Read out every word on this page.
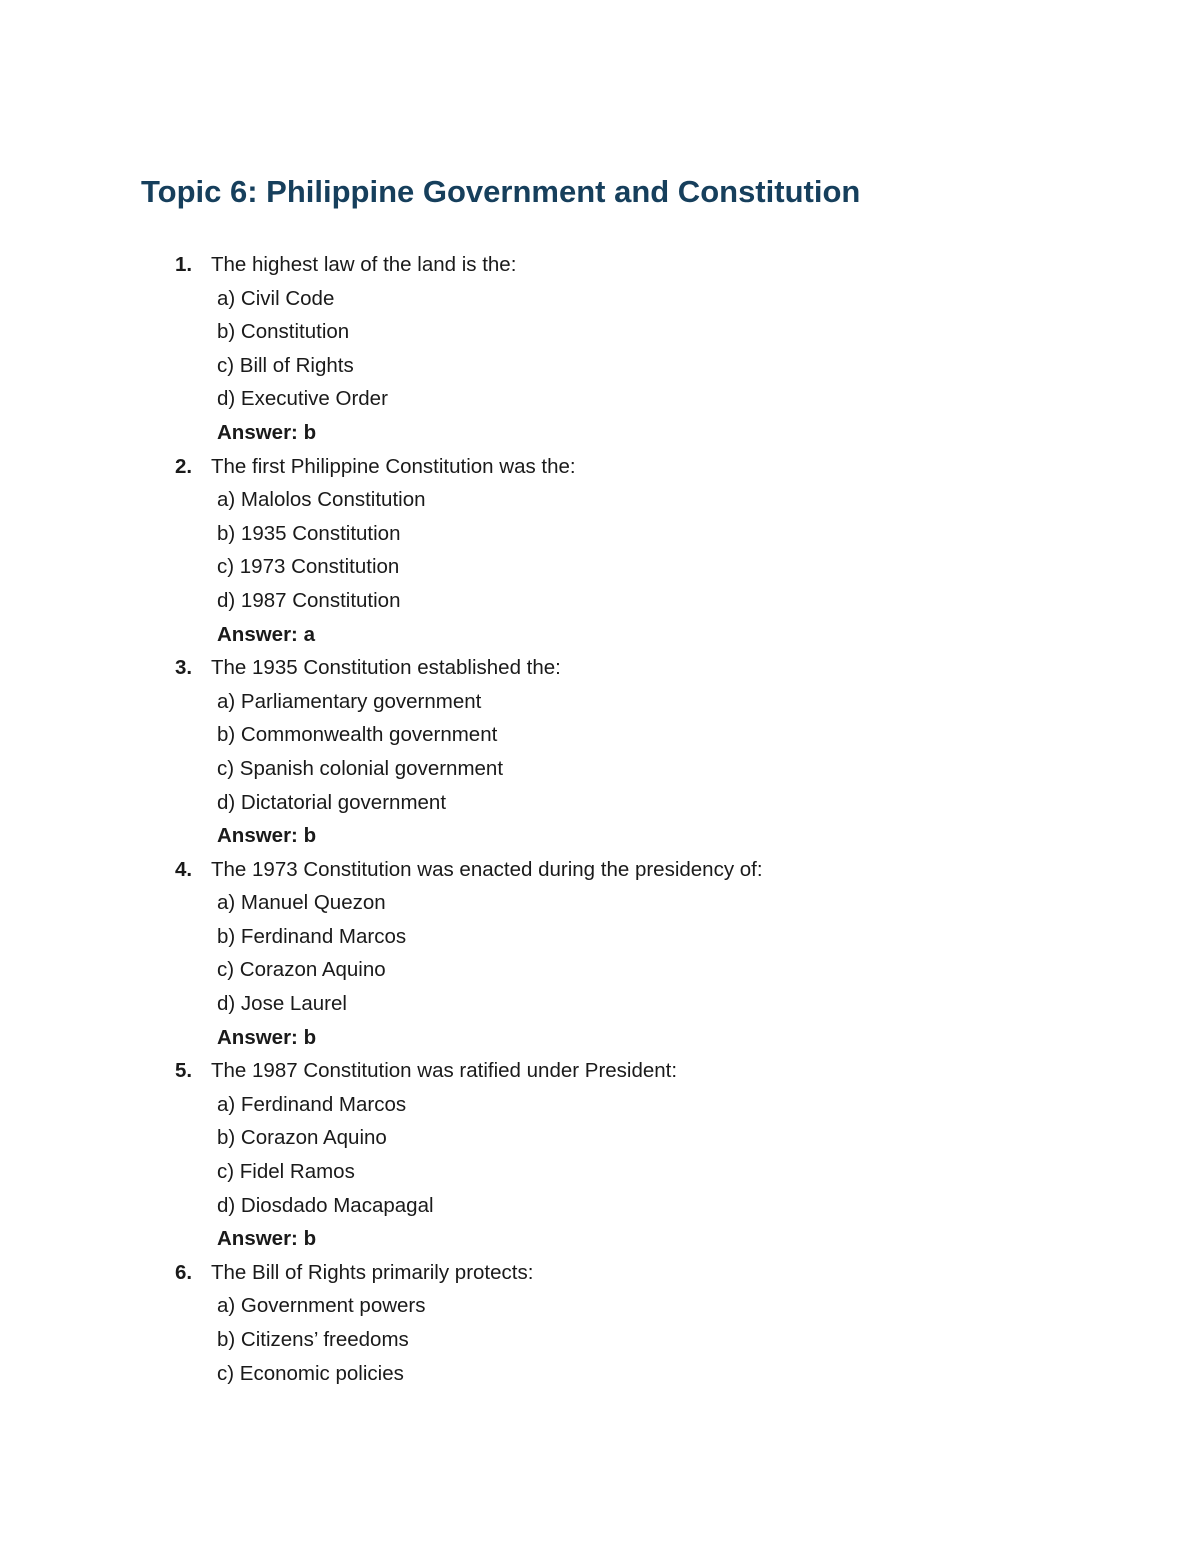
Topic 6: Philippine Government and Constitution
1. The highest law of the land is the:
a) Civil Code
b) Constitution
c) Bill of Rights
d) Executive Order
Answer: b
2. The first Philippine Constitution was the:
a) Malolos Constitution
b) 1935 Constitution
c) 1973 Constitution
d) 1987 Constitution
Answer: a
3. The 1935 Constitution established the:
a) Parliamentary government
b) Commonwealth government
c) Spanish colonial government
d) Dictatorial government
Answer: b
4. The 1973 Constitution was enacted during the presidency of:
a) Manuel Quezon
b) Ferdinand Marcos
c) Corazon Aquino
d) Jose Laurel
Answer: b
5. The 1987 Constitution was ratified under President:
a) Ferdinand Marcos
b) Corazon Aquino
c) Fidel Ramos
d) Diosdado Macapagal
Answer: b
6. The Bill of Rights primarily protects:
a) Government powers
b) Citizens’ freedoms
c) Economic policies
